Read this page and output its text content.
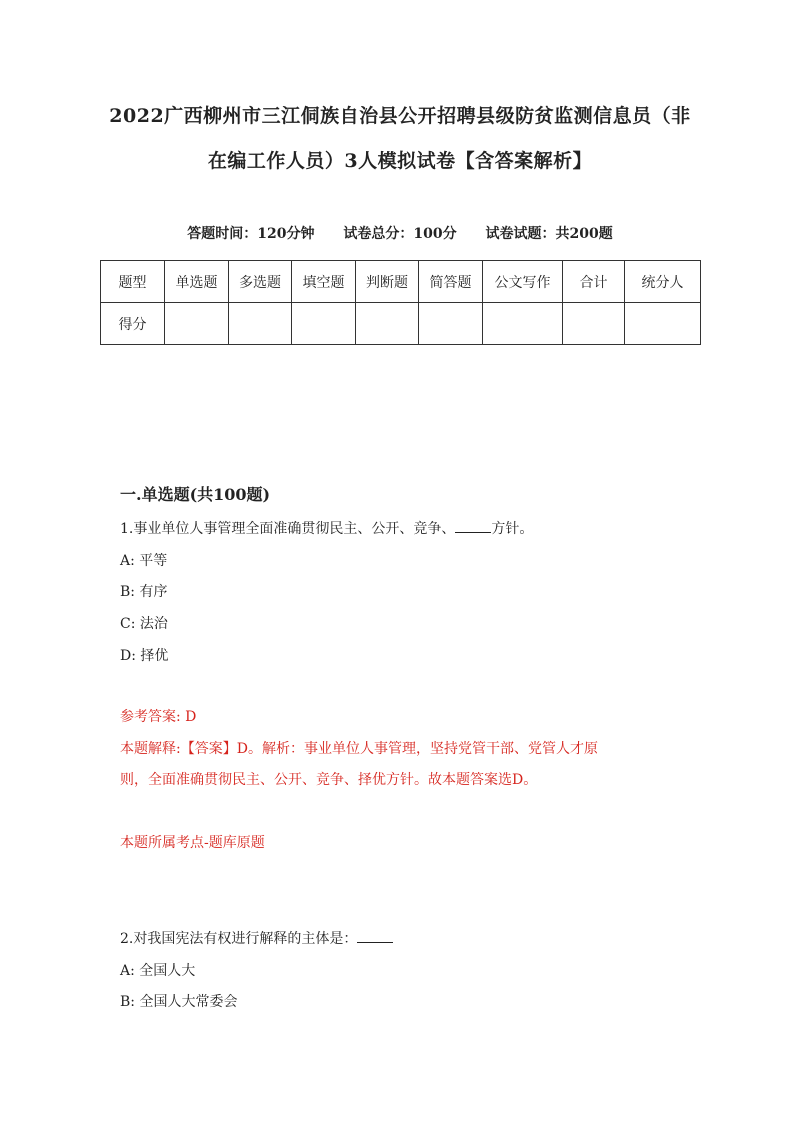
2022广西柳州市三江侗族自治县公开招聘县级防贫监测信息员（非
在编工作人员）3人模拟试卷【含答案解析】
答题时间：120分钟 试卷总分：100分 试卷试题：共200题
题型	单选题	多选题	填空题	判断题	简答题	公文写作	合计	统分人
得分								
一.单选题(共100题)
1.事业单位人事管理全面准确贯彻民主、公开、竞争、	方针。
A: 平等
B: 有序
C: 法治
D: 择优
参考答案: D
本题解释:【答案】D。解析：事业单位人事管理，坚持党管干部、党管人才原
则，全面准确贯彻民主、公开、竞争、择优方针。故本题答案选D。
本题所属考点-题库原题
2.对我国宪法有权进行解释的主体是：
A: 全国人大
B: 全国人大常委会
